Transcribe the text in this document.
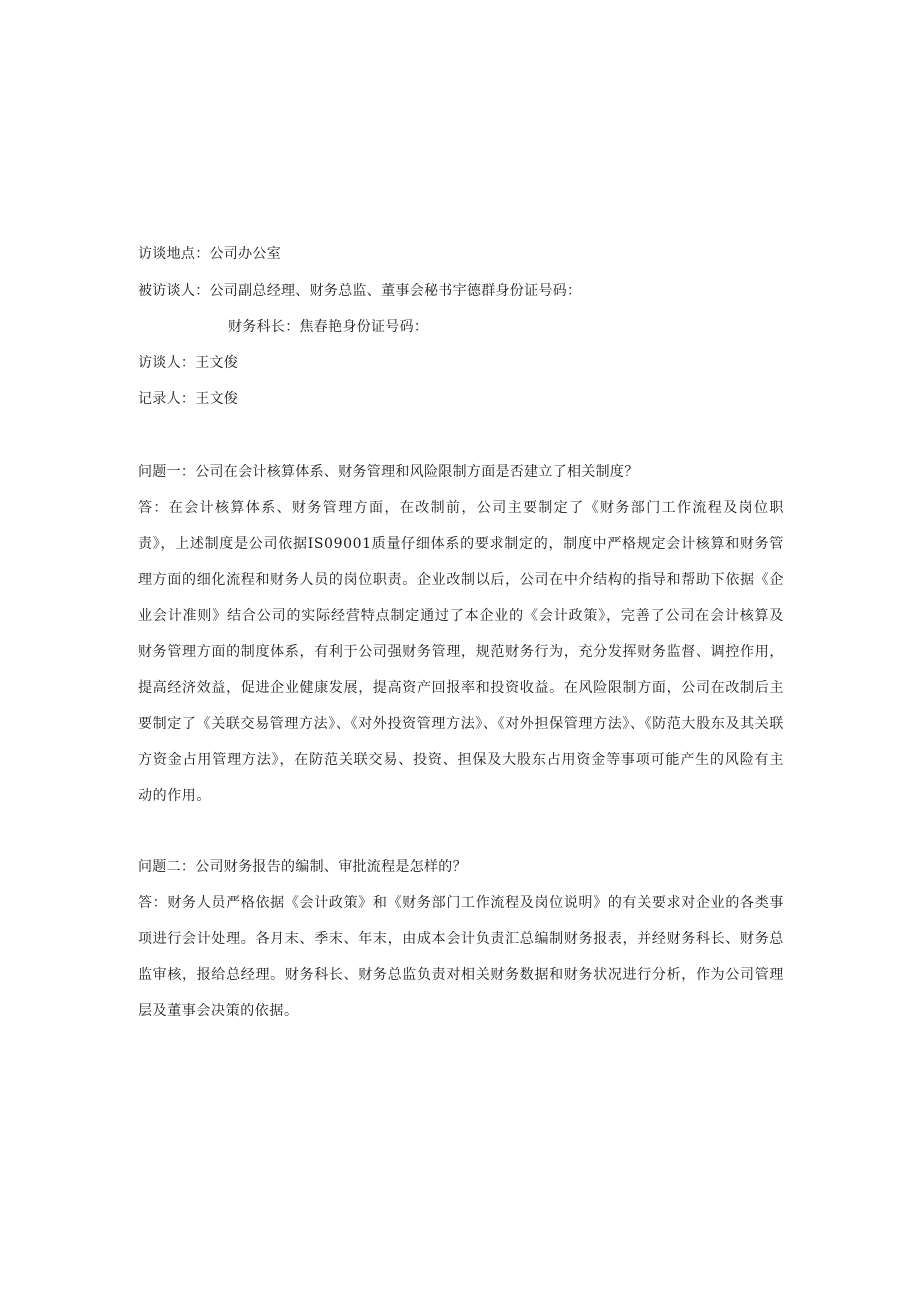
访谈地点：公司办公室
被访谈人：公司副总经理、财务总监、董事会秘书宇德群身份证号码：
财务科长：焦春艳身份证号码：
访谈人：王文俊
记录人：王文俊
问题一：公司在会计核算体系、财务管理和风险限制方面是否建立了相关制度？

答：在会计核算体系、财务管理方面，在改制前，公司主要制定了《财务部门工作流程及岗位职责》，上述制度是公司依据IS09001质量仔细体系的要求制定的，制度中严格规定会计核算和财务管理方面的细化流程和财务人员的岗位职责。企业改制以后，公司在中介结构的指导和帮助下依据《企业会计准则》结合公司的实际经营特点制定通过了本企业的《会计政策》，完善了公司在会计核算及财务管理方面的制度体系，有利于公司强财务管理，规范财务行为，充分发挥财务监督、调控作用，提高经济效益，促进企业健康发展，提高资产回报率和投资收益。在风险限制方面，公司在改制后主要制定了《关联交易管理方法》、《对外投资管理方法》、《对外担保管理方法》、《防范大股东及其关联方资金占用管理方法》，在防范关联交易、投资、担保及大股东占用资金等事项可能产生的风险有主动的作用。

问题二：公司财务报告的编制、审批流程是怎样的？

答：财务人员严格依据《会计政策》和《财务部门工作流程及岗位说明》的有关要求对企业的各类事项进行会计处理。各月末、季末、年末，由成本会计负责汇总编制财务报表，并经财务科长、财务总监审核，报给总经理。财务科长、财务总监负责对相关财务数据和财务状况进行分析，作为公司管理层及董事会决策的依据。
